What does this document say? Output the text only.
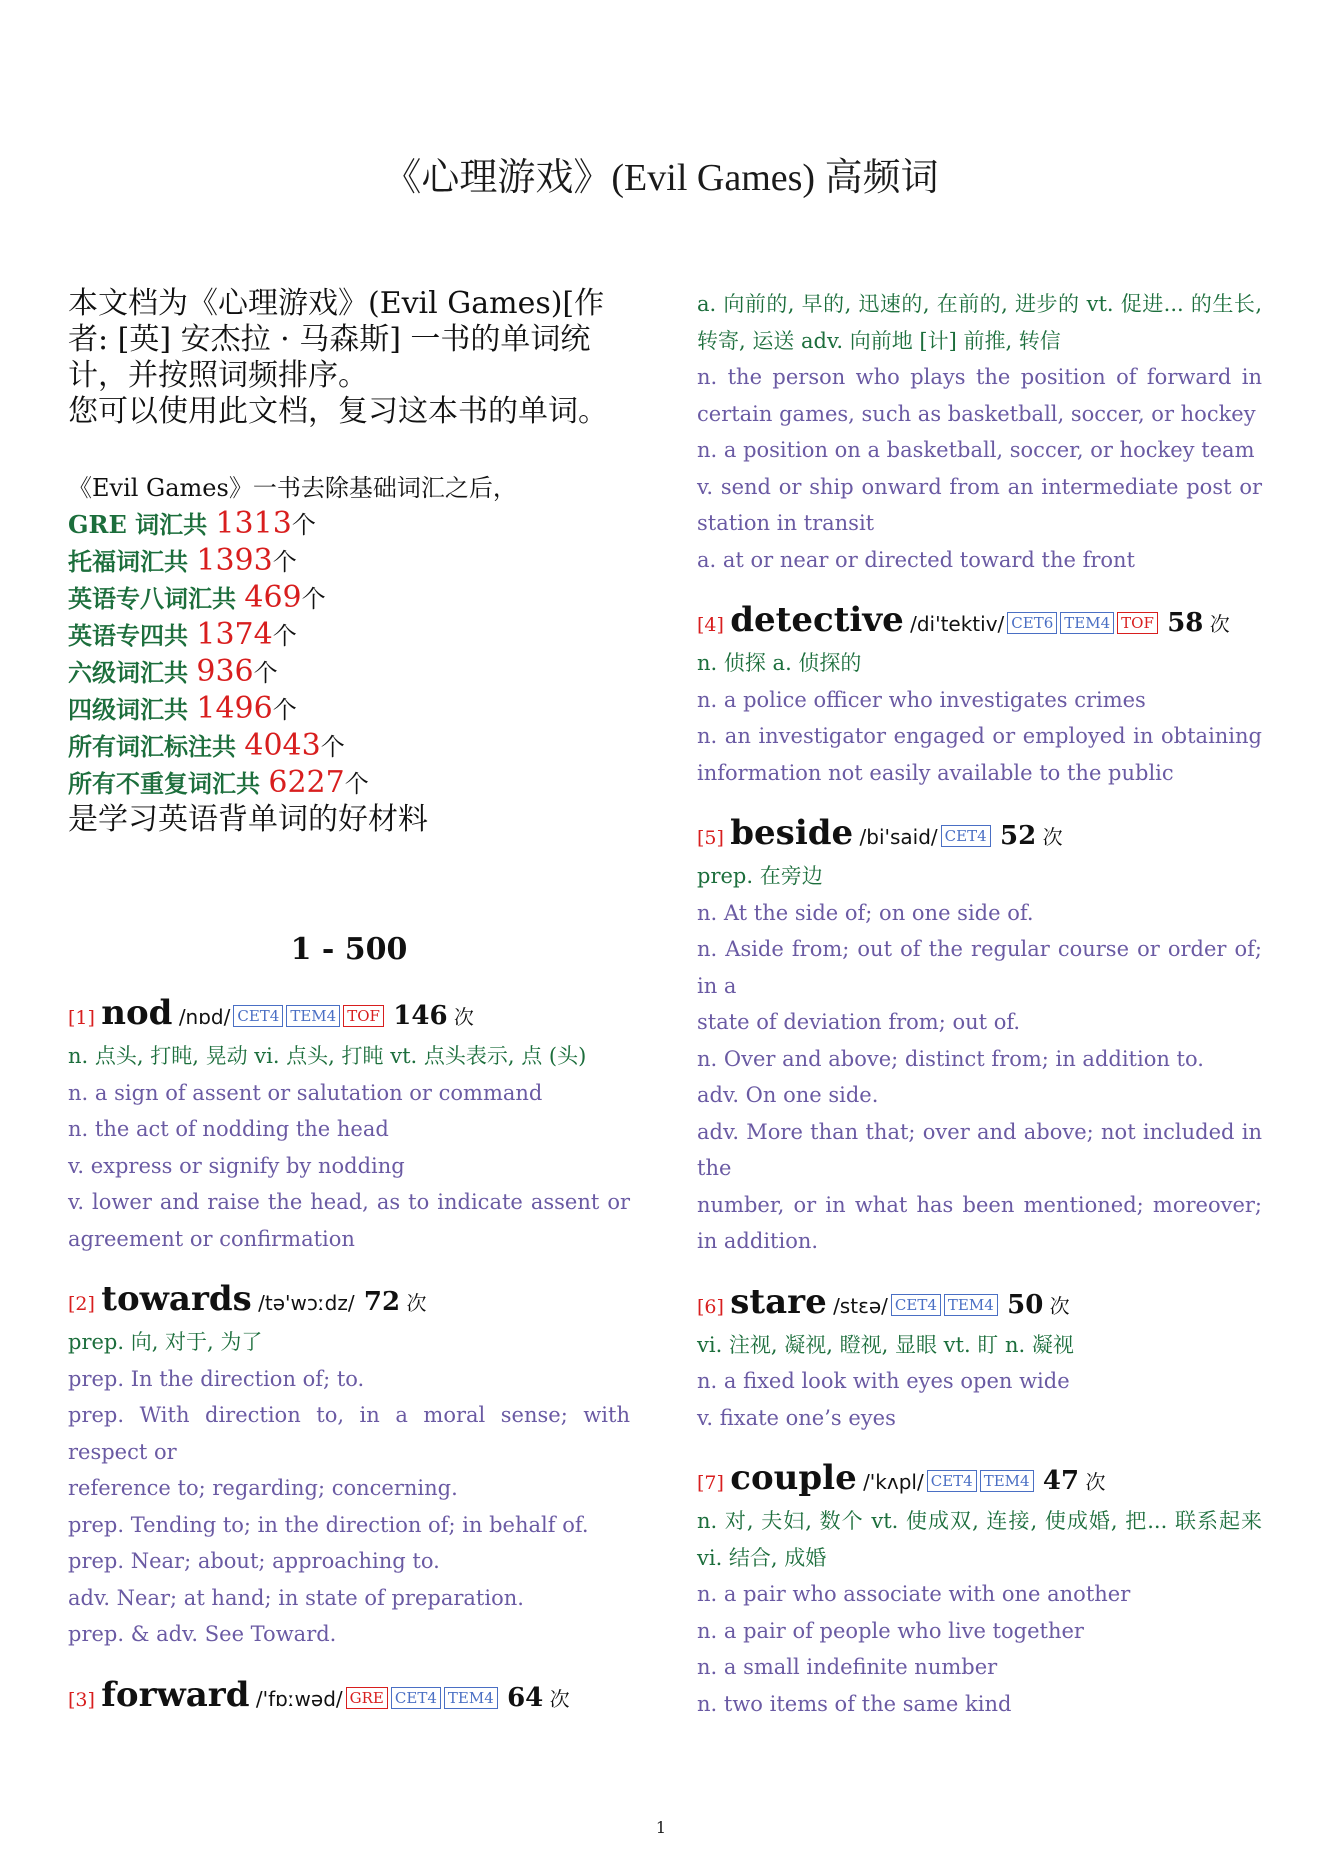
《心理游戏》(Evil Games) 高频词

本文档为《心理游戏》(Evil Games)[作者: [英] 安杰拉 · 马森斯] 一书的单词统计，并按照词频排序。

您可以使用此文档，复习这本书的单词。

《Evil Games》一书去除基础词汇之后，
GRE 词汇共 1313个
托福词汇共 1393个
英语专八词汇共 469个
英语专四共 1374个
六级词汇共 936个
四级词汇共 1496个
所有词汇标注共 4043个
所有不重复词汇共 6227个
是学习英语背单词的好材料
1 - 500
[1] nod /nɒd/ CET4 TEM4 TOF 146 次
n. 点头, 打盹, 晃动 vi. 点头, 打盹 vt. 点头表示, 点 (头)
n. a sign of assent or salutation or command
n. the act of nodding the head
v. express or signify by nodding
v. lower and raise the head, as to indicate assent or agreement or confirmation
[2] towards /tə'wɔːdz/ 72 次
prep. 向, 对于, 为了
prep. In the direction of; to.
prep. With direction to, in a moral sense; with respect or
reference to; regarding; concerning.
prep. Tending to; in the direction of; in behalf of.
prep. Near; about; approaching to.
adv. Near; at hand; in state of preparation.
prep. & adv. See Toward.
[3] forward /'fɒːwəd/ GRE CET4 TEM4 64 次
a. 向前的, 早的, 迅速的, 在前的, 进步的 vt. 促进... 的生长, 转寄, 运送 adv. 向前地 [计] 前推, 转信
n. the person who plays the position of forward in certain games, such as basketball, soccer, or hockey
n. a position on a basketball, soccer, or hockey team
v. send or ship onward from an intermediate post or station in transit
a. at or near or directed toward the front
[4] detective /di'tektiv/ CET6 TEM4 TOF 58 次
n. 侦探 a. 侦探的
n. a police officer who investigates crimes
n. an investigator engaged or employed in obtaining information not easily available to the public
[5] beside /bi'said/ CET4 52 次
prep. 在旁边
n. At the side of; on one side of.
n. Aside from; out of the regular course or order of; in a
state of deviation from; out of.
n. Over and above; distinct from; in addition to.
adv. On one side.
adv. More than that; over and above; not included in the
number, or in what has been mentioned; moreover; in addition.
[6] stare /stɛə/ CET4 TEM4 50 次
vi. 注视, 凝视, 瞪视, 显眼 vt. 盯 n. 凝视
n. a fixed look with eyes open wide
v. fixate one’s eyes
[7] couple /'kʌpl/ CET4 TEM4 47 次
n. 对, 夫妇, 数个 vt. 使成双, 连接, 使成婚, 把... 联系起来 vi. 结合, 成婚
n. a pair who associate with one another
n. a pair of people who live together
n. a small indefinite number
n. two items of the same kind
1
